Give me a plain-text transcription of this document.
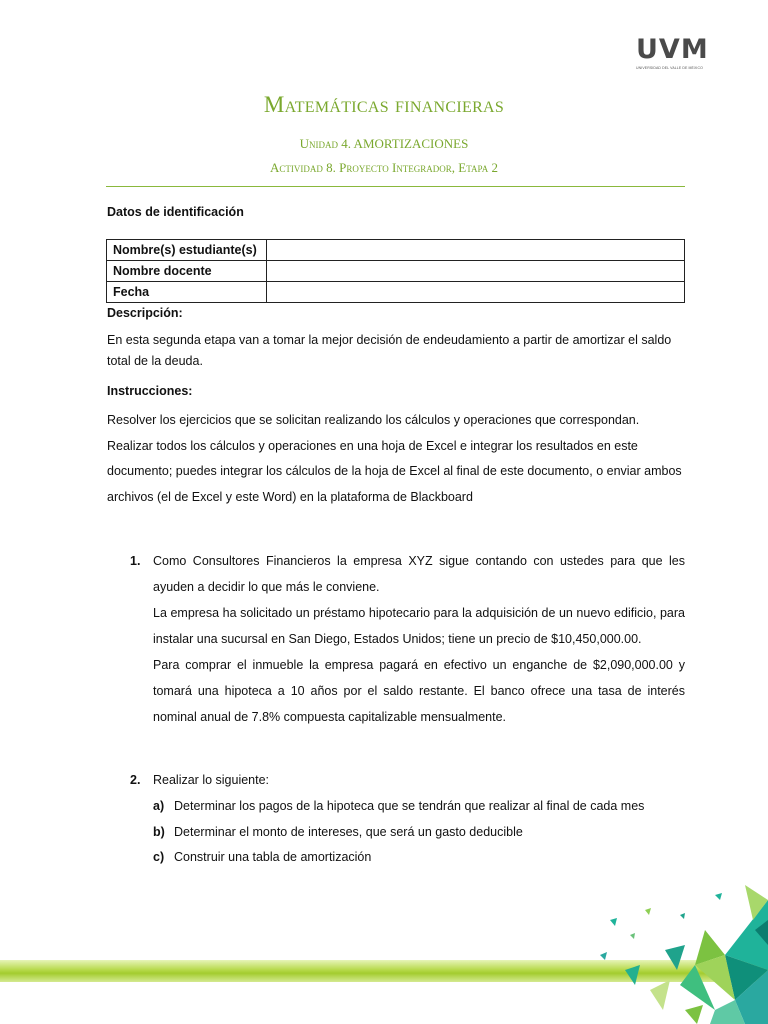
UVM
UNIVERSIDAD DEL VALLE DE MÉXICO
Matemáticas financieras
Unidad 4. AMORTIZACIONES
Actividad 8. Proyecto Integrador, Etapa 2
Datos de identificación
Nombre(s) estudiante(s)	
Nombre docente	
Fecha	
Descripción:
En esta segunda etapa van a tomar la mejor decisión de endeudamiento a partir de amortizar el saldo total de la deuda.
Instrucciones:
Resolver los ejercicios que se solicitan realizando los cálculos y operaciones que correspondan. Realizar todos los cálculos y operaciones en una hoja de Excel e integrar los resultados en este documento; puedes integrar los cálculos de la hoja de Excel al final de este documento, o enviar ambos archivos (el de Excel y este Word) en la plataforma de Blackboard
1. Como Consultores Financieros la empresa XYZ sigue contando con ustedes para que les ayuden a decidir lo que más le conviene.
La empresa ha solicitado un préstamo hipotecario para la adquisición de un nuevo edificio, para instalar una sucursal en San Diego, Estados Unidos; tiene un precio de $10,450,000.00.
Para comprar el inmueble la empresa pagará en efectivo un enganche de $2,090,000.00 y tomará una hipoteca a 10 años por el saldo restante. El banco ofrece una tasa de interés nominal anual de 7.8% compuesta capitalizable mensualmente.
2. Realizar lo siguiente:
a) Determinar los pagos de la hipoteca que se tendrán que realizar al final de cada mes
b) Determinar el monto de intereses, que será un gasto deducible
c) Construir una tabla de amortización
